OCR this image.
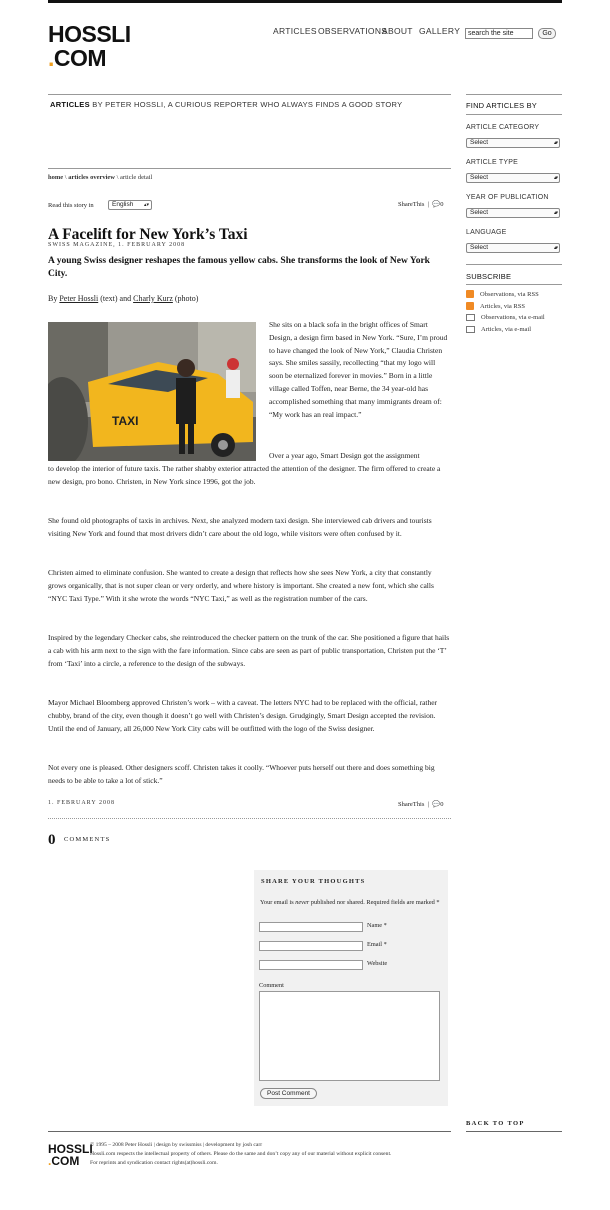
HOSSLI
.COM
ARTICLES OBSERVATIONS
ABOUT GALLERY	search the site	Go
ARTICLES BY PETER HOSSLI, A CURIOUS REPORTER WHO ALWAYS FINDS A GOOD STORY	FIND ARTICLES BY
ARTICLE CATEGORY
Select ▴▾
ARTICLE TYPE
Select ▴▾
YEAR OF PUBLICATION
Select ▴▾
LANGUAGE
Select ▴▾
SUBSCRIBE
Observations, via RSS
Articles, via RSS
Observations, via e-mail
Articles, via e-mail
home \ articles overview \ article detail
Read this story in	English ▴▾	ShareThis | 💬0
A Facelift for New York’s Taxi
SWISS MAGAZINE, 1. FEBRUARY 2008
A young Swiss designer reshapes the famous yellow cabs. She transforms the look of New York City.
By Peter Hossli (text) and Charly Kurz (photo)
TAXI
She sits on a black sofa in the bright offices of Smart Design, a design firm based in New York. “Sure, I’m proud to have changed the look of New York,” Claudia Christen says. She smiles sassily, recollecting “that my logo will soon be eternalized forever in movies.” Born in a little village called Toffen, near Berne, the 34 year-old has accomplished something that many immigrants dream of: “My work has an real impact.”
Over a year ago, Smart Design got the assignment
to develop the interior of future taxis. The rather shabby exterior attracted the attention of the designer. The firm offered to create a new design, pro bono. Christen, in New York since 1996, got the job.
She found old photographs of taxis in archives. Next, she analyzed modern taxi design. She interviewed cab drivers and tourists visiting New York and found that most drivers didn’t care about the old logo, while visitors were often confused by it.
Christen aimed to eliminate confusion. She wanted to create a design that reflects how she sees New York, a city that constantly grows organically, that is not super clean or very orderly, and where history is important. She created a new font, which she calls “NYC Taxi Type.” With it she wrote the words “NYC Taxi,” as well as the registration number of the cars.
Inspired by the legendary Checker cabs, she reintroduced the checker pattern on the trunk of the car. She positioned a figure that hails a cab with his arm next to the sign with the fare information. Since cabs are seen as part of public transportation, Christen put the ‘T’ from ‘Taxi’ into a circle, a reference to the design of the subways.
Mayor Michael Bloomberg approved Christen’s work – with a caveat. The letters NYC had to be replaced with the official, rather chubby, brand of the city, even though it doesn’t go well with Christen’s design. Grudgingly, Smart Design accepted the revision. Until the end of January, all 26,000 New York City cabs will be outfitted with the logo of the Swiss designer.
Not every one is pleased. Other designers scoff. Christen takes it coolly. “Whoever puts herself out there and does something big needs to be able to take a lot of stick.”
1. FEBRUARY 2008	ShareThis | 💬0
0 COMMENTS
SHARE YOUR THOUGHTS
Your email is never published nor shared. Required fields are marked *
Name *
Email *
Website
Comment
Post Comment
BACK TO TOP
HOSSLI
.COM
© 1995 – 2008 Peter Hossli | design by swissmiss | development by josh carr
Hossli.com respects the intellectual property of others. Please do the same and don’t copy any of our material without explicit consent.
For reprints and syndication contact rights(at)hossli.com.
